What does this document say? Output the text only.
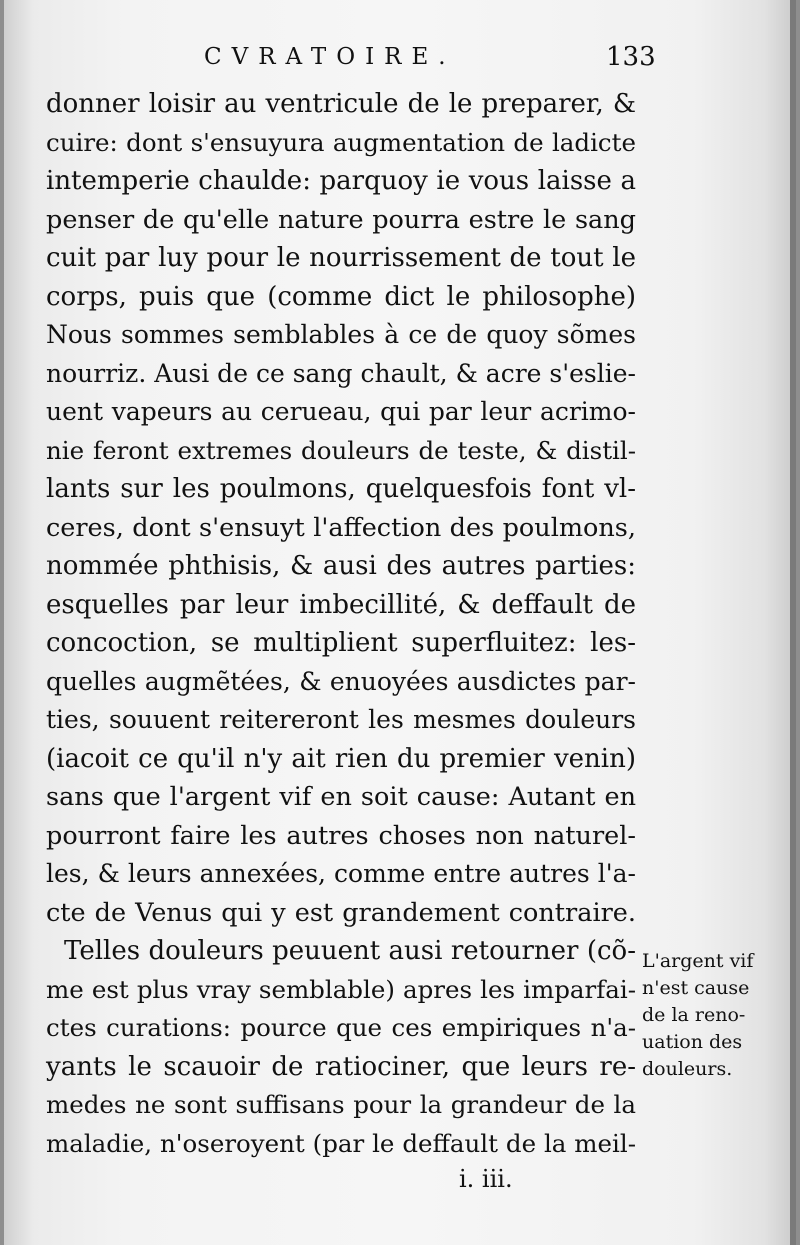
CVRATOIRE.	133
donner loisir au ventricule de le preparer, &
cuire: dont s'ensuyura augmentation de ladicte
intemperie chaulde: parquoy ie vous laisse a
penser de qu'elle nature pourra estre le sang
cuit par luy pour le nourrissement de tout le
corps, puis que (comme dict le philosophe)
Nous sommes semblables à ce de quoy sõmes
nourriz. Ausi de ce sang chault, & acre s'eslie-
uent vapeurs au cerueau, qui par leur acrimo-
nie feront extremes douleurs de teste, & distil-
lants sur les poulmons, quelquesfois font vl-
ceres, dont s'ensuyt l'affection des poulmons,
nommée phthisis, & ausi des autres parties:
esquelles par leur imbecillité, & deffault de
concoction, se multiplient superfluitez: les-
quelles augmẽtées, & enuoyées ausdictes par-
ties, souuent reitereront les mesmes douleurs
(iacoit ce qu'il n'y ait rien du premier venin)
sans que l'argent vif en soit cause: Autant en
pourront faire les autres choses non naturel-
les, & leurs annexées, comme entre autres l'a-
cte de Venus qui y est grandement contraire.
Telles douleurs peuuent ausi retourner (cõ-
me est plus vray semblable) apres les imparfai-
ctes curations: pource que ces empiriques n'a-
yants le scauoir de ratiociner, que leurs re-
medes ne sont suffisans pour la grandeur de la
maladie, n'oseroyent (par le deffault de la meil-
L'argent vif
n'est cause
de la reno-
uation des
douleurs.
i. iii.
